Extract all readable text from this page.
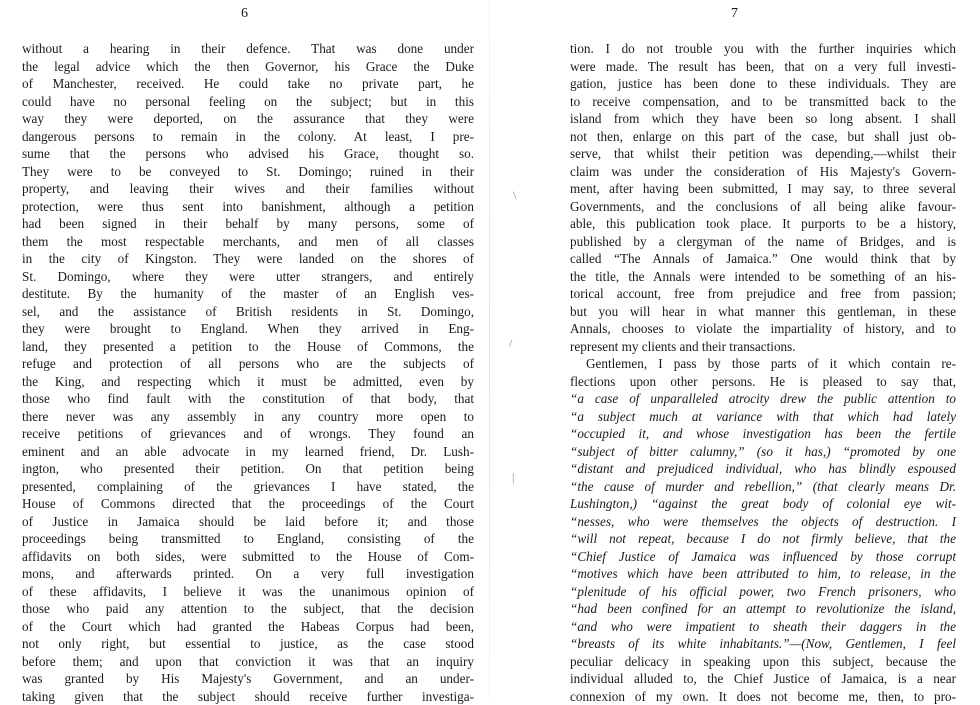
6
without a hearing in their defence. That was done under
the legal advice which the then Governor, his Grace the Duke
of Manchester, received. He could take no private part, he
could have no personal feeling on the subject; but in this
way they were deported, on the assurance that they were
dangerous persons to remain in the colony. At least, I pre-
sume that the persons who advised his Grace, thought so.
They were to be conveyed to St. Domingo; ruined in their
property, and leaving their wives and their families without
protection, were thus sent into banishment, although a petition
had been signed in their behalf by many persons, some of
them the most respectable merchants, and men of all classes
in the city of Kingston. They were landed on the shores of
St. Domingo, where they were utter strangers, and entirely
destitute. By the humanity of the master of an English ves-
sel, and the assistance of British residents in St. Domingo,
they were brought to England. When they arrived in Eng-
land, they presented a petition to the House of Commons, the
refuge and protection of all persons who are the subjects of
the King, and respecting which it must be admitted, even by
those who find fault with the constitution of that body, that
there never was any assembly in any country more open to
receive petitions of grievances and of wrongs. They found an
eminent and an able advocate in my learned friend, Dr. Lush-
ington, who presented their petition. On that petition being
presented, complaining of the grievances I have stated, the
House of Commons directed that the proceedings of the Court
of Justice in Jamaica should be laid before it; and those
proceedings being transmitted to England, consisting of the
affidavits on both sides, were submitted to the House of Com-
mons, and afterwards printed. On a very full investigation
of these affidavits, I believe it was the unanimous opinion of
those who paid any attention to the subject, that the decision
of the Court which had granted the Habeas Corpus had been,
not only right, but essential to justice, as the case stood
before them; and upon that conviction it was that an inquiry
was granted by His Majesty's Government, and an under-
taking given that the subject should receive further investiga-
7
tion. I do not trouble you with the further inquiries which
were made. The result has been, that on a very full investi-
gation, justice has been done to these individuals. They are
to receive compensation, and to be transmitted back to the
island from which they have been so long absent. I shall
not then, enlarge on this part of the case, but shall just ob-
serve, that whilst their petition was depending,—whilst their
claim was under the consideration of His Majesty's Govern-
ment, after having been submitted, I may say, to three several
Governments, and the conclusions of all being alike favour-
able, this publication took place. It purports to be a history,
published by a clergyman of the name of Bridges, and is
called “The Annals of Jamaica.” One would think that by
the title, the Annals were intended to be something of an his-
torical account, free from prejudice and free from passion;
but you will hear in what manner this gentleman, in these
Annals, chooses to violate the impartiality of history, and to
represent my clients and their transactions.
Gentlemen, I pass by those parts of it which contain re-
flections upon other persons. He is pleased to say that,
“a case of unparalleled atrocity drew the public attention to
“a subject much at variance with that which had lately
“occupied it, and whose investigation has been the fertile
“subject of bitter calumny,” (so it has,) “promoted by one
“distant and prejudiced individual, who has blindly espoused
“the cause of murder and rebellion,” (that clearly means Dr.
Lushington,) “against the great body of colonial eye wit-
“nesses, who were themselves the objects of destruction. I
“will not repeat, because I do not firmly believe, that the
“Chief Justice of Jamaica was influenced by those corrupt
“motives which have been attributed to him, to release, in the
“plenitude of his official power, two French prisoners, who
“had been confined for an attempt to revolutionize the island,
“and who were impatient to sheath their daggers in the
“breasts of its white inhabitants.”—(Now, Gentlemen, I feel
peculiar delicacy in speaking upon this subject, because the
individual alluded to, the Chief Justice of Jamaica, is a near
connexion of my own. It does not become me, then, to pro-
\
/
|
